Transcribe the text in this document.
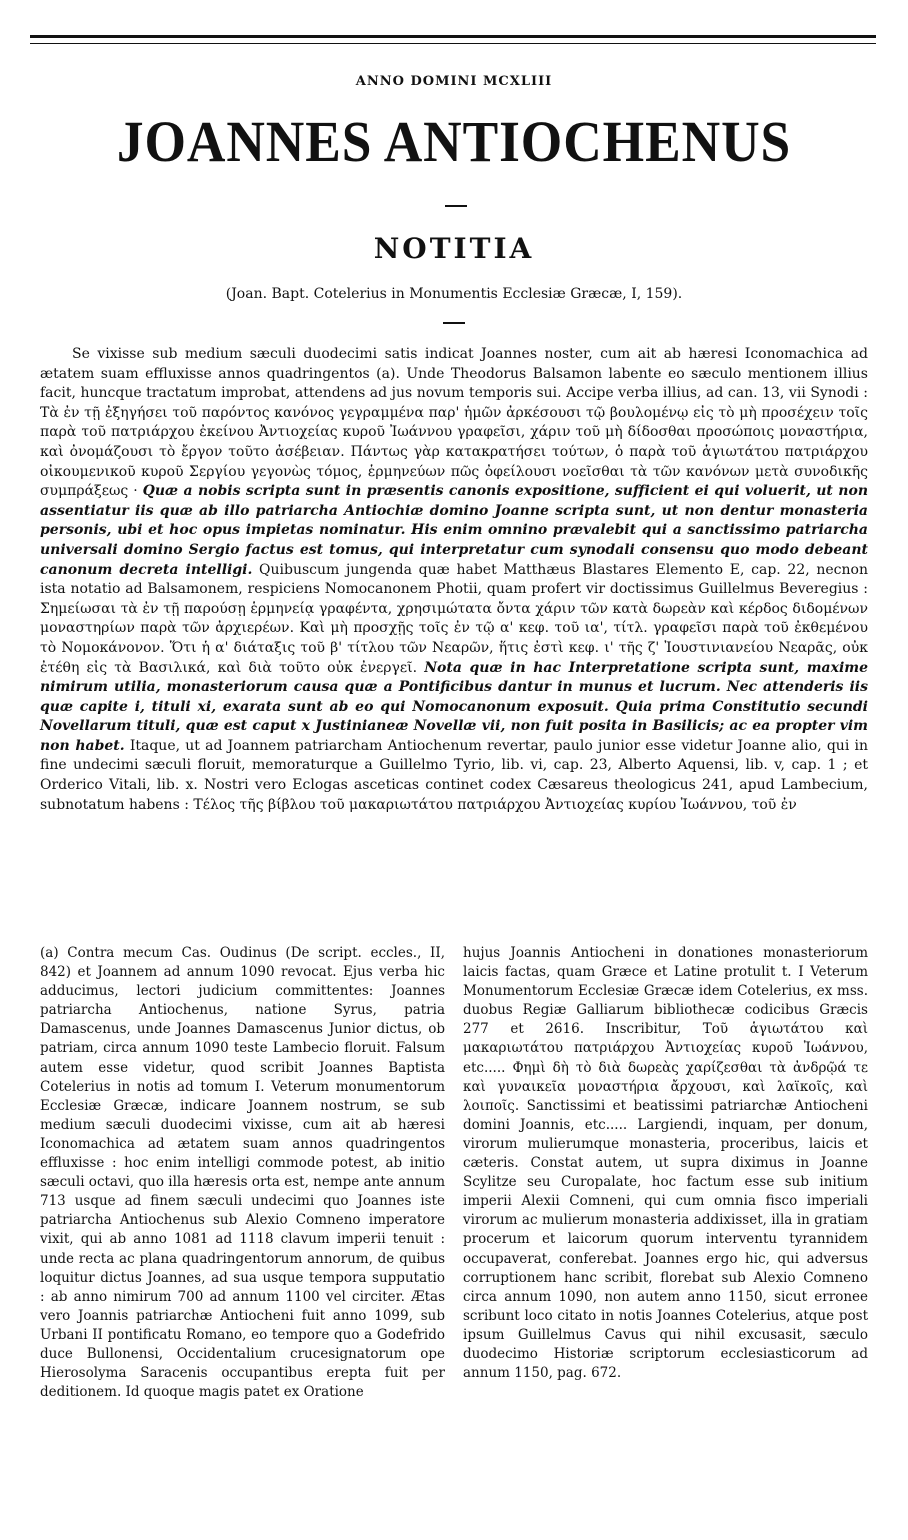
ANNO DOMINI MCXLIII
JOANNES ANTIOCHENUS
NOTITIA
(Joan. Bapt. Cotelerius in Monumentis Ecclesiæ Græcæ, I, 159).

Se vixisse sub medium sæculi duodecimi satis indicat Joannes noster, cum ait ab hæresi Iconomachica ad ætatem suam effluxisse annos quadringentos (a). Unde Theodorus Balsamon labente eo sæculo mentionem illius facit, huncque tractatum improbat, attendens ad jus novum temporis sui. Accipe verba illius, ad can. 13, vii Synodi : Τὰ ἐν τῇ ἐξηγήσει τοῦ παρόντος κανόνος γεγραμμένα παρ' ἡμῶν ἀρκέσουσι τῷ βουλομένῳ εἰς τὸ μὴ προσέχειν τοῖς παρὰ τοῦ πατριάρχου ἐκείνου Ἀντιοχείας κυροῦ Ἰωάννου γραφεῖσι, χάριν τοῦ μὴ δίδοσθαι προσώποις μοναστήρια, καὶ ὀνομάζουσι τὸ ἔργον τοῦτο ἀσέβειαν. Πάντως γὰρ κατακρατήσει τούτων, ὁ παρὰ τοῦ ἁγιωτάτου πατριάρχου οἰκουμενικοῦ κυροῦ Σεργίου γεγονὼς τόμος, ἑρμηνεύων πῶς ὀφείλουσι νοεῖσθαι τὰ τῶν κανόνων μετὰ συνοδικῆς συμπράξεως · Quæ a nobis scripta sunt in præsentis canonis expositione, sufficient ei qui voluerit, ut non assentiatur iis quæ ab illo patriarcha Antiochiæ domino Joanne scripta sunt, ut non dentur monasteria personis, ubi et hoc opus impietas nominatur. His enim omnino prævalebit qui a sanctissimo patriarcha universali domino Sergio factus est tomus, qui interpretatur cum synodali consensu quo modo debeant canonum decreta intelligi. Quibuscum jungenda quæ habet Matthæus Blastares Elemento E, cap. 22, necnon ista notatio ad Balsamonem, respiciens Nomocanonem Photii, quam profert vir doctissimus Guillelmus Beveregius : Σημείωσαι τὰ ἐν τῇ παρούσῃ ἑρμηνείᾳ γραφέντα, χρησιμώτατα ὄντα χάριν τῶν κατὰ δωρεὰν καὶ κέρδος διδομένων μοναστηρίων παρὰ τῶν ἀρχιερέων. Καὶ μὴ προσχῇς τοῖς ἐν τῷ α' κεφ. τοῦ ια', τίτλ. γραφεῖσι παρὰ τοῦ ἐκθεμένου τὸ Νομοκάνονον. Ὅτι ἡ α' διάταξις τοῦ β' τίτλου τῶν Νεαρῶν, ἥτις ἐστὶ κεφ. ι' τῆς ζ' Ἰουστινιανείου Νεαρᾶς, οὐκ ἐτέθη εἰς τὰ Βασιλικά, καὶ διὰ τοῦτο οὐκ ἐνεργεῖ. Nota quæ in hac Interpretatione scripta sunt, maxime nimirum utilia, monasteriorum causa quæ a Pontificibus dantur in munus et lucrum. Nec attenderis iis quæ capite i, tituli xi, exarata sunt ab eo qui Nomocanonum exposuit. Quia prima Constitutio secundi Novellarum tituli, quæ est caput x Justinianeæ Novellæ vii, non fuit posita in Basilicis; ac ea propter vim non habet. Itaque, ut ad Joannem patriarcham Antiochenum revertar, paulo junior esse videtur Joanne alio, qui in fine undecimi sæculi floruit, memoraturque a Guillelmo Tyrio, lib. vi, cap. 23, Alberto Aquensi, lib. v, cap. 1 ; et Orderico Vitali, lib. x. Nostri vero Eclogas asceticas continet codex Cæsareus theologicus 241, apud Lambecium, subnotatum habens : Τέλος τῆς βίβλου τοῦ μακαριωτάτου πατριάρχου Ἀντιοχείας κυρίου Ἰωάννου, τοῦ ἐν

(a) Contra mecum Cas. Oudinus (De script. eccles., II, 842) et Joannem ad annum 1090 revocat. Ejus verba hic adducimus, lectori judicium committentes: Joannes patriarcha Antiochenus, natione Syrus, patria Damascenus, unde Joannes Damascenus Junior dictus, ob patriam, circa annum 1090 teste Lambecio floruit. Falsum autem esse videtur, quod scribit Joannes Baptista Cotelerius in notis ad tomum I. Veterum monumentorum Ecclesiæ Græcæ, indicare Joannem nostrum, se sub medium sæculi duodecimi vixisse, cum ait ab hæresi Iconomachica ad ætatem suam annos quadringentos effluxisse : hoc enim intelligi commode potest, ab initio sæculi octavi, quo illa hæresis orta est, nempe ante annum 713 usque ad finem sæculi undecimi quo Joannes iste patriarcha Antiochenus sub Alexio Comneno imperatore vixit, qui ab anno 1081 ad 1118 clavum imperii tenuit : unde recta ac plana quadringentorum annorum, de quibus loquitur dictus Joannes, ad sua usque tempora supputatio : ab anno nimirum 700 ad annum 1100 vel circiter. Ætas vero Joannis patriarchæ Antiocheni fuit anno 1099, sub Urbani II pontificatu Romano, eo tempore quo a Godefrido duce Bullonensi, Occidentalium crucesignatorum ope Hierosolyma Saracenis occupantibus erepta fuit per deditionem. Id quoque magis patet ex Oratione

hujus Joannis Antiocheni in donationes monasteriorum laicis factas, quam Græce et Latine protulit t. I Veterum Monumentorum Ecclesiæ Græcæ idem Cotelerius, ex mss. duobus Regiæ Galliarum bibliothecæ codicibus Græcis 277 et 2616. Inscribitur, Τοῦ ἁγιωτάτου καὶ μακαριωτάτου πατριάρχου Ἀντιοχείας κυροῦ Ἰωάννου, etc..... Φημὶ δὴ τὸ διὰ δωρεὰς χαρίζεσθαι τὰ ἀνδρῷά τε καὶ γυναικεῖα μοναστήρια ἄρχουσι, καὶ λαϊκοῖς, καὶ λοιποῖς. Sanctissimi et beatissimi patriarchæ Antiocheni domini Joannis, etc..... Largiendi, inquam, per donum, virorum mulierumque monasteria, proceribus, laicis et cæteris. Constat autem, ut supra diximus in Joanne Scylitze seu Curopalate, hoc factum esse sub initium imperii Alexii Comneni, qui cum omnia fisco imperiali virorum ac mulierum monasteria addixisset, illa in gratiam procerum et laicorum quorum interventu tyrannidem occupaverat, conferebat. Joannes ergo hic, qui adversus corruptionem hanc scribit, florebat sub Alexio Comneno circa annum 1090, non autem anno 1150, sicut erronee scribunt loco citato in notis Joannes Cotelerius, atque post ipsum Guillelmus Cavus qui nihil excusasit, sæculo duodecimo Historiæ scriptorum ecclesiasticorum ad annum 1150, pag. 672.
